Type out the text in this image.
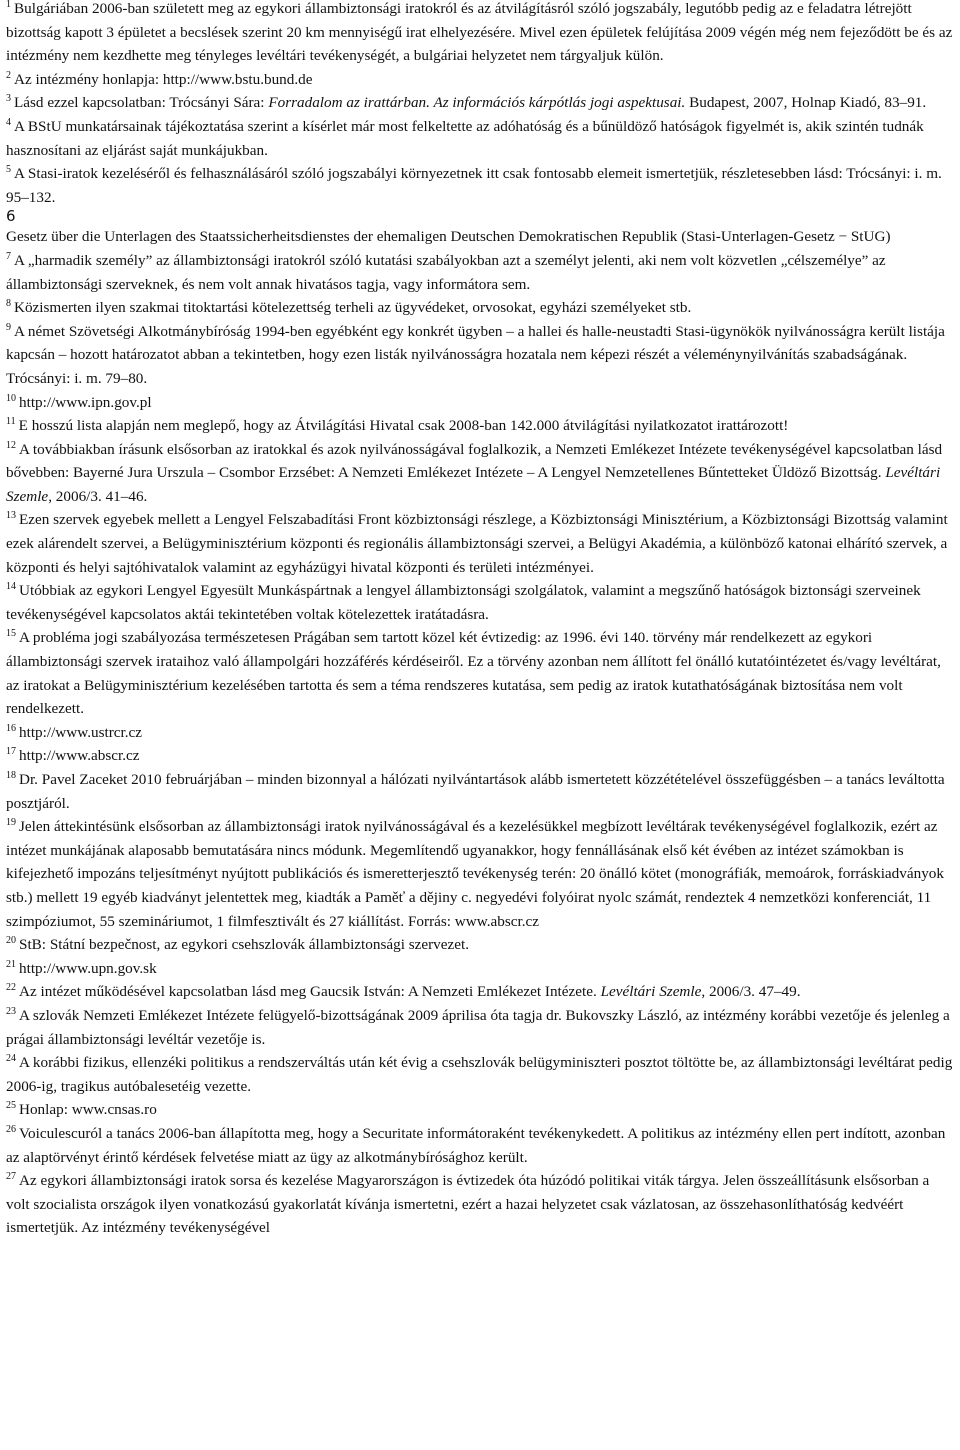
$^1$ Bulgáriában 2006-ban született meg az egykori állambiztonsági iratokról és az átvilágításról szóló jogszabály, legutóbb pedig az e feladatra létrejött bizottság kapott 3 épületet a becslések szerint 20 km mennyiségű irat elhelyezésére. Mivel ezen épületek felújítása 2009 végén még nem fejeződött be és az intézmény nem kezdhette meg tényleges levéltári tevékenységét, a bulgáriai helyzetet nem tárgyaljuk külön.

$^2$ Az intézmény honlapja: http://www.bstu.bund.de

$^3$ Lásd ezzel kapcsolatban: Trócsányi Sára: Forradalom az irattárban. Az információs kárpótlás jogi aspektusai. Budapest, 2007, Holnap Kiadó, 83–91.

$^4$ A BStU munkatársainak tájékoztatása szerint a kísérlet már most felkeltette az adóhatóság és a bűnüldöző hatóságok figyelmét is, akik szintén tudnák hasznosítani az eljárást saját munkájukban.

$^5$ A Stasi-iratok kezeléséről és felhasználásáról szóló jogszabályi környezetnek itt csak fontosabb elemeit ismertetjük, részletesebben lásd: Trócsányi: i. m. 95–132.

6
Gesetz über die Unterlagen des Staatssicherheitsdienstes der ehemaligen Deutschen Demokratischen Republik (Stasi-Unterlagen-Gesetz − StUG)

$^7$ A „harmadik személy” az állambiztonsági iratokról szóló kutatási szabályokban azt a személyt jelenti, aki nem volt közvetlen „célszemélye” az állambiztonsági szerveknek, és nem volt annak hivatásos tagja, vagy informátora sem.

$^8$ Közismerten ilyen szakmai titoktartási kötelezettség terheli az ügyvédeket, orvosokat, egyházi személyeket stb.

$^9$ A német Szövetségi Alkotmánybíróság 1994-ben egyébként egy konkrét ügyben – a hallei és halle-neustadti Stasi-ügynökök nyilvánosságra került listája kapcsán – hozott határozatot abban a tekintetben, hogy ezen listák nyilvánosságra hozatala nem képezi részét a véleménynyilvánítás szabadságának. Trócsányi: i. m. 79–80.

$^{10}$ http://www.ipn.gov.pl

$^{11}$ E hosszú lista alapján nem meglepő, hogy az Átvilágítási Hivatal csak 2008-ban 142.000 átvilágítási nyilatkozatot irattározott!

$^{12}$ A továbbiakban írásunk elsősorban az iratokkal és azok nyilvánosságával foglalkozik, a Nemzeti Emlékezet Intézete tevékenységével kapcsolatban lásd bővebben: Bayerné Jura Urszula – Csombor Erzsébet: A Nemzeti Emlékezet Intézete – A Lengyel Nemzetellenes Bűntetteket Üldöző Bizottság. Levéltári Szemle, 2006/3. 41–46.

$^{13}$ Ezen szervek egyebek mellett a Lengyel Felszabadítási Front közbiztonsági részlege, a Közbiztonsági Minisztérium, a Közbiztonsági Bizottság valamint ezek alárendelt szervei, a Belügyminisztérium központi és regionális állambiztonsági szervei, a Belügyi Akadémia, a különböző katonai elhárító szervek, a központi és helyi sajtóhivatalok valamint az egyházügyi hivatal központi és területi intézményei.

$^{14}$ Utóbbiak az egykori Lengyel Egyesült Munkáspártnak a lengyel állambiztonsági szolgálatok, valamint a megszűnő hatóságok biztonsági szerveinek tevékenységével kapcsolatos aktái tekintetében voltak kötelezettek iratátadásra.

$^{15}$ A probléma jogi szabályozása természetesen Prágában sem tartott közel két évtizedig: az 1996. évi 140. törvény már rendelkezett az egykori állambiztonsági szervek irataihoz való állampolgári hozzáférés kérdéseiről. Ez a törvény azonban nem állított fel önálló kutatóintézetet és/vagy levéltárat, az iratokat a Belügyminisztérium kezelésében tartotta és sem a téma rendszeres kutatása, sem pedig az iratok kutathatóságának biztosítása nem volt rendelkezett.

$^{16}$ http://www.ustrcr.cz

$^{17}$ http://www.abscr.cz

$^{18}$ Dr. Pavel Zaceket 2010 februárjában – minden bizonnyal a hálózati nyilvántartások alább ismertetett közzétételével összefüggésben – a tanács leváltotta posztjáról.

$^{19}$ Jelen áttekintésünk elsősorban az állambiztonsági iratok nyilvánosságával és a kezelésükkel megbízott levéltárak tevékenységével foglalkozik, ezért az intézet munkájának alaposabb bemutatására nincs módunk. Megemlítendő ugyanakkor, hogy fennállásának első két évében az intézet számokban is kifejezhető impozáns teljesítményt nyújtott publikációs és ismeretterjesztő tevékenység terén: 20 önálló kötet (monográfiák, memoárok, forráskiadványok stb.) mellett 19 egyéb kiadványt jelentettek meg, kiadták a Paměť a dějiny c. negyedévi folyóirat nyolc számát, rendeztek 4 nemzetközi konferenciát, 11 szimpóziumot, 55 szemináriumot, 1 filmfesztivált és 27 kiállítást. Forrás: www.abscr.cz

$^{20}$ StB: Státní bezpečnost, az egykori csehszlovák állambiztonsági szervezet.

$^{21}$ http://www.upn.gov.sk

$^{22}$ Az intézet működésével kapcsolatban lásd meg Gaucsik István: A Nemzeti Emlékezet Intézete. Levéltári Szemle, 2006/3. 47–49.

$^{23}$ A szlovák Nemzeti Emlékezet Intézete felügyelő-bizottságának 2009 áprilisa óta tagja dr. Bukovszky László, az intézmény korábbi vezetője és jelenleg a prágai állambiztonsági levéltár vezetője is.

$^{24}$ A korábbi fizikus, ellenzéki politikus a rendszerváltás után két évig a csehszlovák belügyminiszteri posztot töltötte be, az állambiztonsági levéltárat pedig 2006-ig, tragikus autóbalesetéig vezette.

$^{25}$ Honlap: www.cnsas.ro

$^{26}$ Voiculescuról a tanács 2006-ban állapította meg, hogy a Securitate informátoraként tevékenykedett. A politikus az intézmény ellen pert indított, azonban az alaptörvényt érintő kérdések felvetése miatt az ügy az alkotmánybírósághoz került.

$^{27}$ Az egykori állambiztonsági iratok sorsa és kezelése Magyarországon is évtizedek óta húzódó politikai viták tárgya. Jelen összeállításunk elsősorban a volt szocialista országok ilyen vonatkozású gyakorlatát kívánja ismertetni, ezért a hazai helyzetet csak vázlatosan, az összehasonlíthatóság kedvéért ismertetjük. Az intézmény tevékenységével
